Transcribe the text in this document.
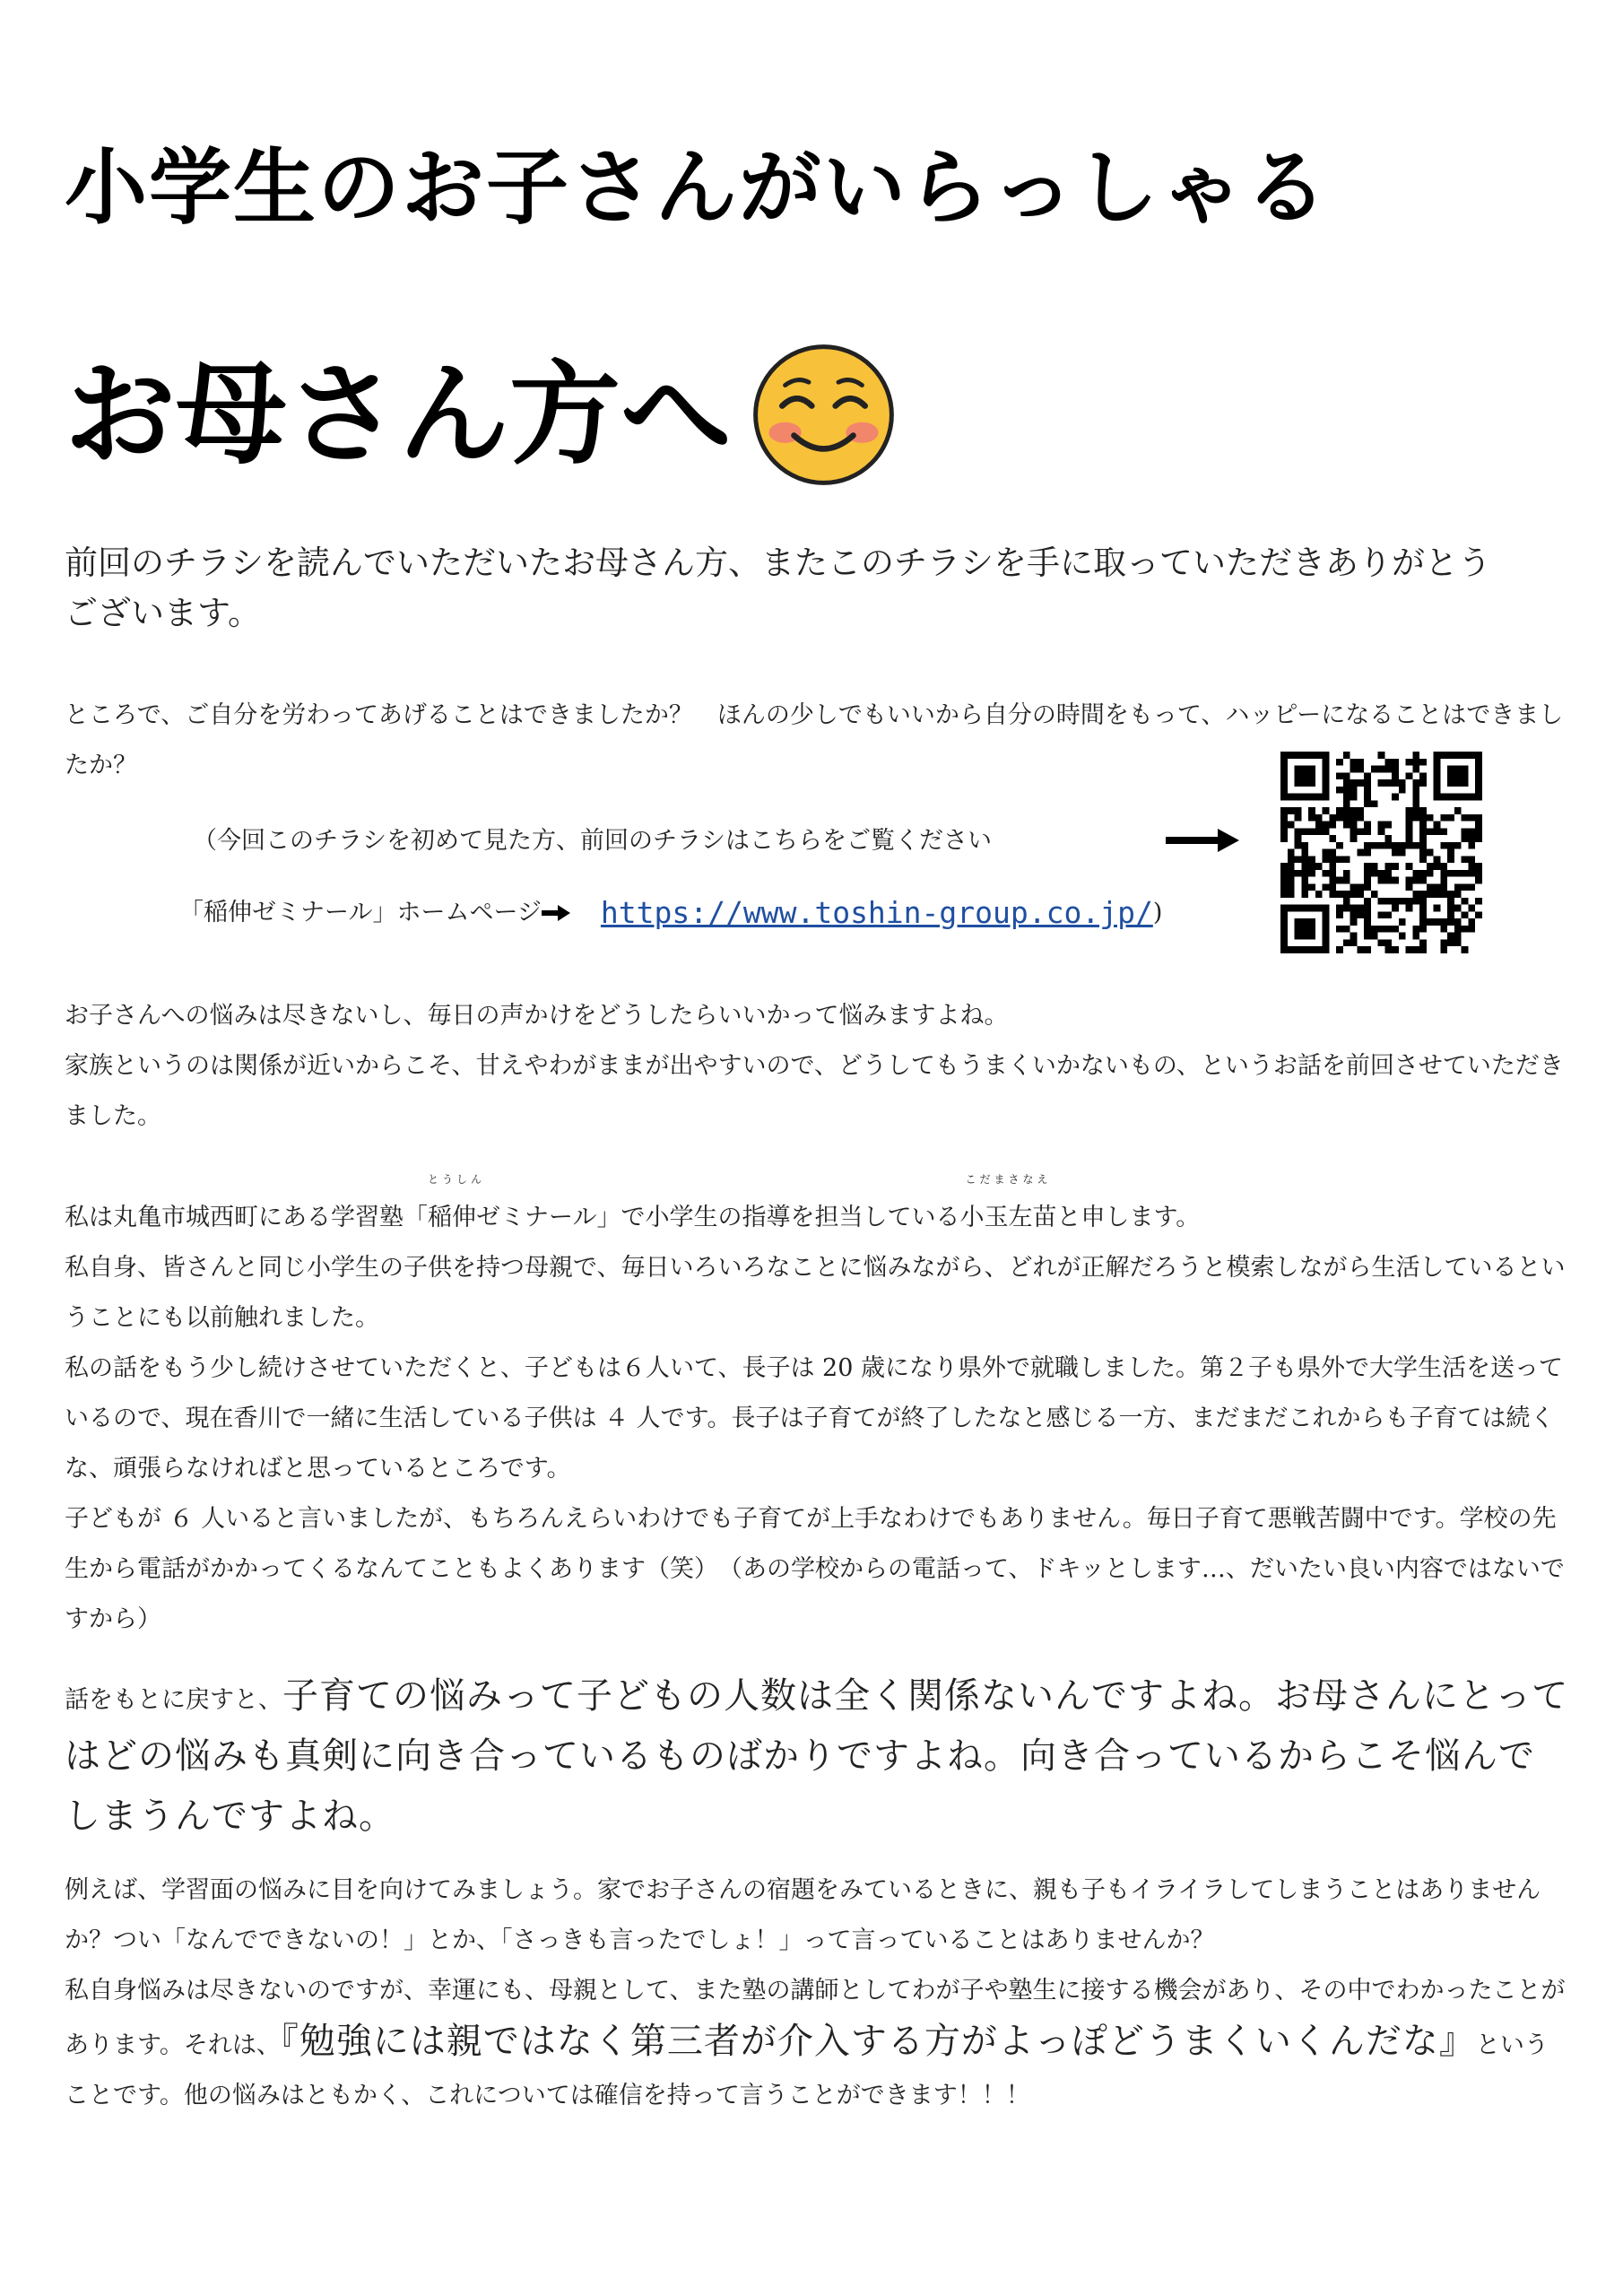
小学生のお子さんがいらっしゃる
お母さん方へ
前回のチラシを読んでいただいたお母さん方、またこのチラシを手に取っていただきありがとうございます。
ところで、ご自分を労わってあげることはできましたか？　ほんの少しでもいいから自分の時間をもって、ハッピーになることはできましたか？
（今回このチラシを初めて見た方、前回のチラシはこちらをご覧ください
「稲伸ゼミナール」ホームページ https://www.toshin-group.co.jp/ )
お子さんへの悩みは尽きないし、毎日の声かけをどうしたらいいかって悩みますよね。
家族というのは関係が近いからこそ、甘えやわがままが出やすいので、どうしてもうまくいかないもの、というお話を前回させていただきました。
私は丸亀市城西町にある学習塾「
とうしん
稲伸ゼミナール」で小学生の指導を担当している
こだまさなえ
小玉左苗と申します。
私自身、皆さんと同じ小学生の子供を持つ母親で、毎日いろいろなことに悩みながら、どれが正解だろうと模索しながら生活しているということにも以前触れました。
私の話をもう少し続けさせていただくと、子どもは６人いて、長子は 20 歳になり県外で就職しました。第２子も県外で大学生活を送っているので、現在香川で一緒に生活している子供は ４ 人です。長子は子育てが終了したなと感じる一方、まだまだこれからも子育ては続くな、頑張らなければと思っているところです。
子どもが ６ 人いると言いましたが、もちろんえらいわけでも子育てが上手なわけでもありません。毎日子育て悪戦苦闘中です。学校の先生から電話がかかってくるなんてこともよくあります（笑）　（あの学校からの電話って、ドキッとします…、だいたい良い内容ではないですから）
話をもとに戻すと、子育ての悩みって子どもの人数は全く関係ないんですよね。お母さんにとってはどの悩みも真剣に向き合っているものばかりですよね。向き合っているからこそ悩んでしまうんですよね。
例えば、学習面の悩みに目を向けてみましょう。家でお子さんの宿題をみているときに、親も子もイライラしてしまうことはありませんか？つい「なんでできないの！」とか、「さっきも言ったでしょ！」って言っていることはありませんか？
私自身悩みは尽きないのですが、幸運にも、母親として、また塾の講師としてわが子や塾生に接する機会があり、その中でわかったことがあります。それは、『勉強には親ではなく第三者が介入する方がよっぽどうまくいくんだな』ということです。他の悩みはともかく、これについては確信を持って言うことができます！！！
